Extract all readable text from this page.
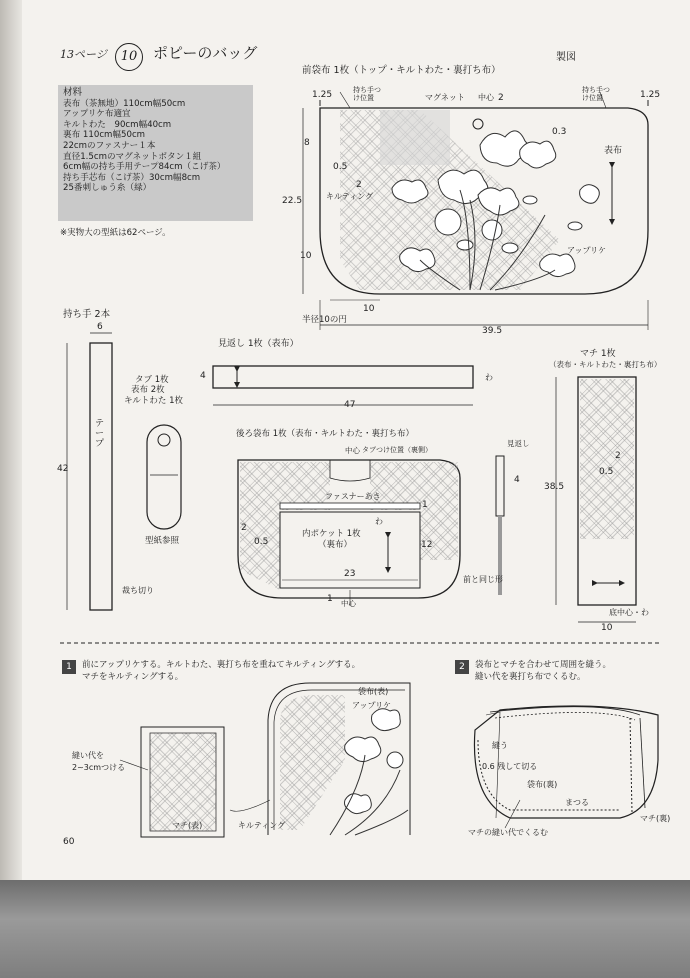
13ページ	10	ポピーのバッグ	製図
材料
表布（茶無地）110cm幅50cm
アップリケ布適宜
キルトわた　90cm幅40cm
裏布 110cm幅50cm
22cmのファスナー１本
直径1.5cmのマグネットボタン１組
6cm幅の持ち手用テープ84cm（こげ茶）
持ち手芯布（こげ茶）30cm幅8cm
25番刺しゅう糸（緑）
※実物大の型紙は62ページ。
前袋布 1枚（トップ・キルトわた・裏打ち布）
持ち手つけ位置
持ち手つけ位置
マグネット 中心 2
1.25	1.25
8
0.3
0.5
2
キルティング
表布
アップリケ
22.5
10
10
半径10の円
39.5
持ち手 2本
6
テープ
42
裁ち切り
見返し 1枚（表布）
4	わ
47
タブ 1枚
表布 2枚
キルトわた 1枚
型紙参照
後ろ袋布 1枚（表布・キルトわた・裏打ち布）
中心 タブつけ位置（裏側）
ファスナーあき
わ
1
内ポケット 1枚
（裏布）
2
0.5	12
23
1 中心
前と同じ形
見返し
4
マチ 1枚
（表布・キルトわた・裏打ち布）
2
0.5
38.5
底中心・わ
10
1	前にアップリケする。キルトわた、裏打ち布を重ねてキルティングする。
マチをキルティングする。
縫い代を
2~3cmつける
マチ(表)	キルティング
袋布(表)
アップリケ
2	袋布とマチを合わせて周囲を縫う。
縫い代を裏打ち布でくるむ。
縫う
0.6 残して切る
袋布(裏)
まつる
マチ(裏)
マチの縫い代でくるむ
60
